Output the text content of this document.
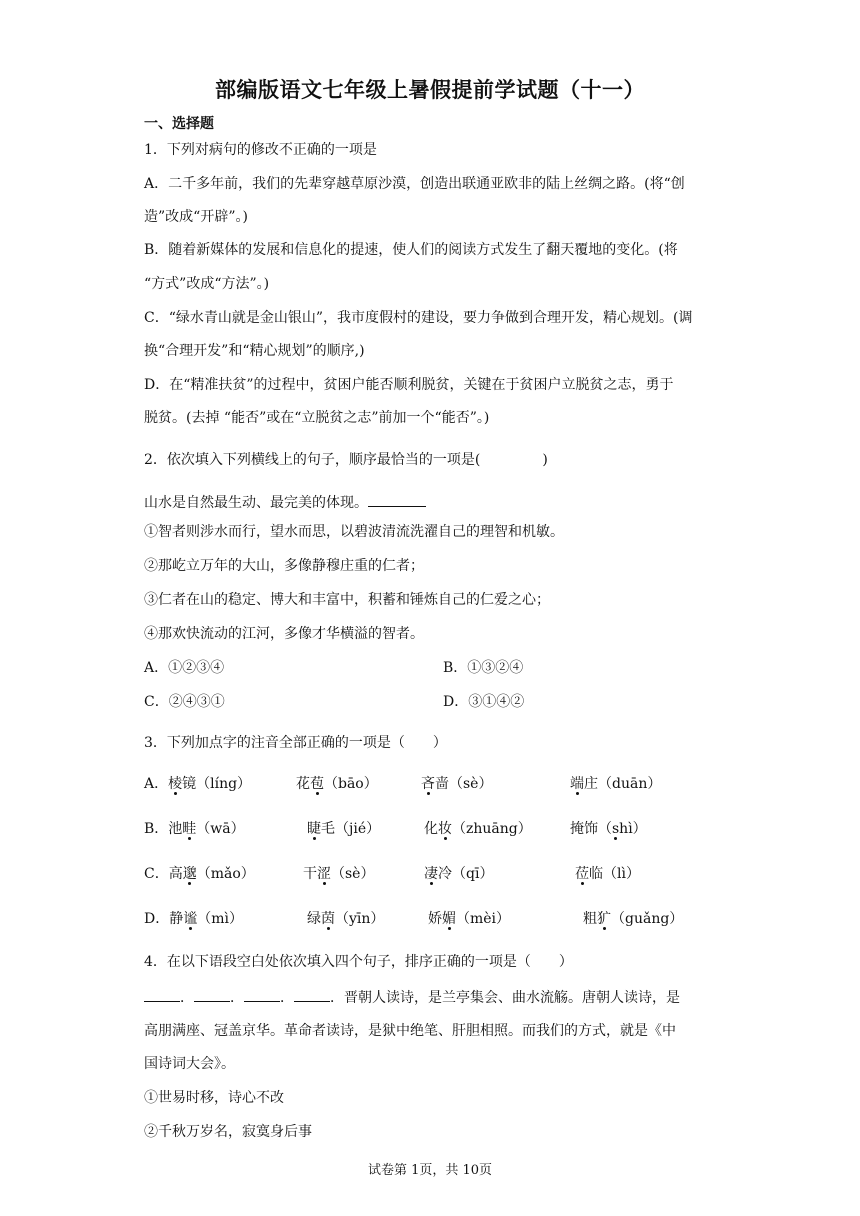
部编版语文七年级上暑假提前学试题（十一）
一、选择题
1．下列对病句的修改不正确的一项是
A．二千多年前，我们的先辈穿越草原沙漠，创造出联通亚欧非的陆上丝绸之路。(将“创
造”改成“开辟”。)
B．随着新媒体的发展和信息化的提速，使人们的阅读方式发生了翻天覆地的变化。(将
“方式”改成“方法”。)
C．“绿水青山就是金山银山”，我市度假村的建设，要力争做到合理开发，精心规划。(调
换“合理开发”和“精心规划”的顺序,)
D．在“精准扶贫”的过程中，贫困户能否顺利脱贫，关键在于贫困户立脱贫之志，勇于
脱贫。(去掉 “能否”或在“立脱贫之志”前加一个“能否”。)
2．依次填入下列横线上的句子，顺序最恰当的一项是(	)
山水是自然最生动、最完美的体现。
①智者则涉水而行，望水而思，以碧波清流洗濯自己的理智和机敏。
②那屹立万年的大山，多像静穆庄重的仁者；
③仁者在山的稳定、博大和丰富中，积蓄和锤炼自己的仁爱之心；
④那欢快流动的江河，多像才华横溢的智者。
A．①②③④	B．①③②④
C．②④③①	D．③①④②
3．下列加点字的注音全部正确的一项是（　　）
A．棱镜（líng）	花苞（bāo）	吝啬（sè）	端庄（duān）
B．池畦（wā）	睫毛（jié）	化妆（zhuāng）	掩饰（shì）
C．高邈（mǎo）	干涩（sè）	凄冷（qī）	莅临（lì）
D．静谧（mì）	绿茵（yīn）	娇媚（mèi）	粗犷（guǎng）
4．在以下语段空白处依次填入四个句子，排序正确的一项是（　　）
．	．	．	．晋朝人读诗，是兰亭集会、曲水流觞。唐朝人读诗，是
高朋满座、冠盖京华。革命者读诗，是狱中绝笔、肝胆相照。而我们的方式，就是《中
国诗词大会》。
①世易时移，诗心不改
②千秋万岁名，寂寞身后事
试卷第 1页，共 10页
